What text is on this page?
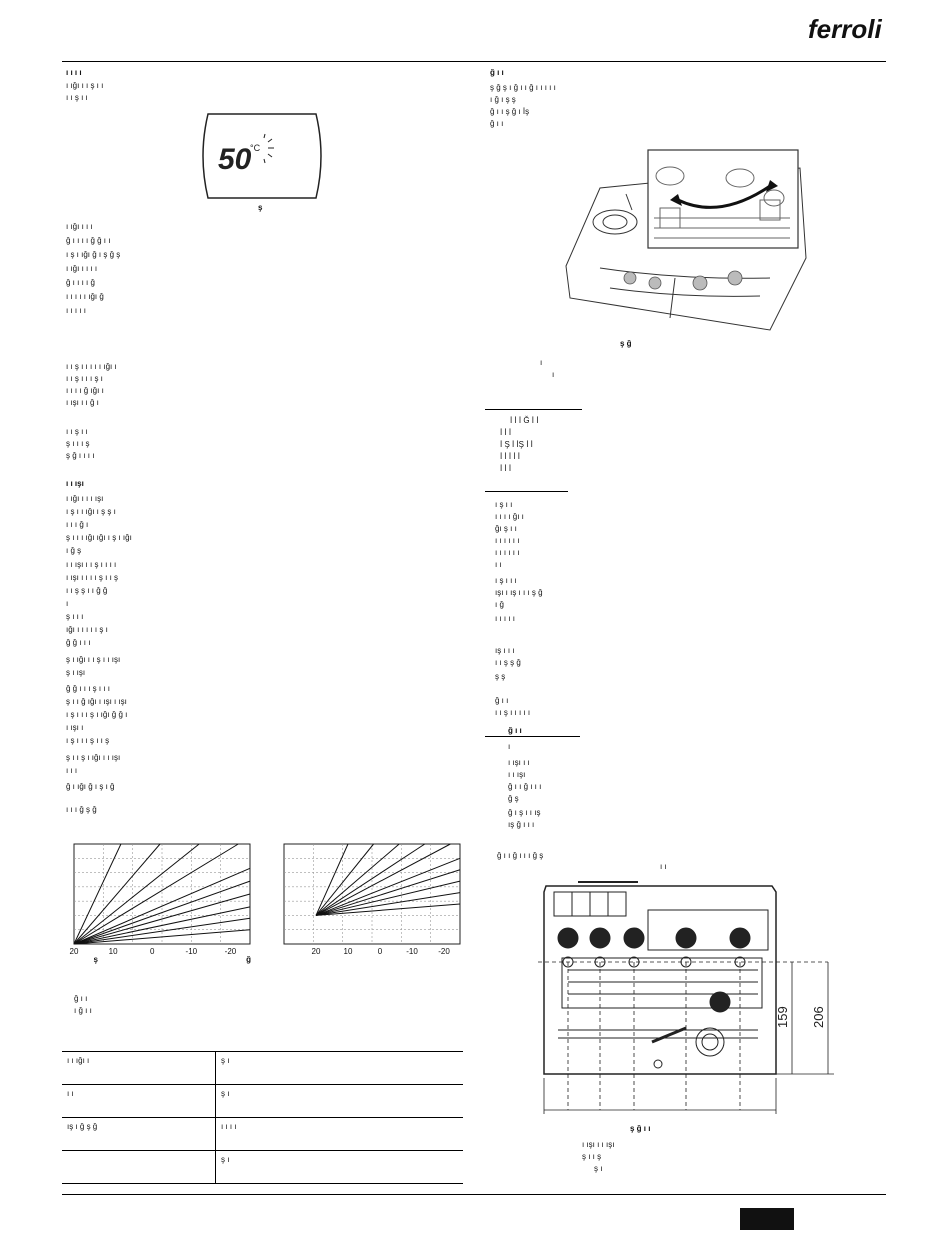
ferroli
ı ı ı ı
ı ığı ı ı ş ı ı
ı ı ş ı ı
50
°C
ş
ı ığı ı ı ı
ğ ı ı ı ı ğ ğ ı ı
ı ş ı ığı ğ ı ş ğ ş
ı ığı ı ı ı ı
ğ ı ı ı ı ğ
ı ı ı ı ı ığı ğ
ı ı ı ı ı
ı ı ş ı ı ı ı ı ığı ı
ı ı ş ı ı ı ş ı
ı ı ı ı ğ ığı ı
ı ışı ı ı ğ ı
ı ı ş ı ı
ş ı ı ı ş
ş ğ ı ı ı ı
ı ı ışı
ı ığı ı ı ı ışı
ı ş ı ı ığı ı ş ş ı
ı ı ı ğ ı
ş ı ı ı ığı ığı ı ş ı ığı
ı ğ ş
ı ı ışı ı ı ş ı ı ı ı
ı ışı ı ı ı ı ş ı ı ş
ı ı ş ş ı ı ğ ğ
ı
ş ı ı ı
ığı ı ı ı ı ı ş ı
ğ ğ ı ı ı
ş ı ığı ı ı ş ı ı ışı
ş ı ışı
ğ ğ ı ı ı ş ı ı ı
ş ı ı ğ ığı ı ışı ı ışı
ı ş ı ı ı ş ı ığı ğ ğ ı
ı ışı ı
ı ş ı ı ı ş ı ı ş
ş ı ı ş ı ığı ı ı ışı
ı ı ı
ğ ı ığı ğ ı ş ı ğ
ı ı ı ğ ş ğ
20	10	0	-10	-20
ş	ğ
20	10	0	-10	-20
ğ ı ı
ı ğ ı ı
ı ı ığı ı	ş ı
ı ı	ş ı
ış ı ğ ş ğ	ı ı ı ı
	ş ı
ğ ı ı
ş ğ ş ı ğ ı ı ğ ı ı ı ı ı
ı ğ ı ş ş
ğ ı ı ş ğ ı İş
ğ ı ı
ş ğ
ı
ı
İ İ İ Ğ İ İ
İ İ İ
İ Ş İ İŞ İ İ
İ İ İ İ İ
İ İ İ
ı ş ı ı
ı ı ı ı ğı ı
ğı ş ı ı
ı ı ı ı ı ı
ı ı ı ı ı ı
ı ı
ı ş ı ı ı
ışı ı ış ı ı ı ş ğ
ı ğ
ı ı ı ı ı
ış ı ı ı
ı ı ş ş ğ
ş ş
ğ ı ı
ı ı ş ı ı ı ı ı
ğ ı ı
ı
ı ışı ı ı
ı ı ışı
ğ ı ı ğ ı ı ı
ğ ş
ğ ı ş ı ı ış
ış ğ ı ı ı
ğ ı ı ğ ı ı ı ğ ş
ı ı
159 206
ş ğ ı ı
ı ışı ı ı ışı
ş ı ı ş
ş ı
